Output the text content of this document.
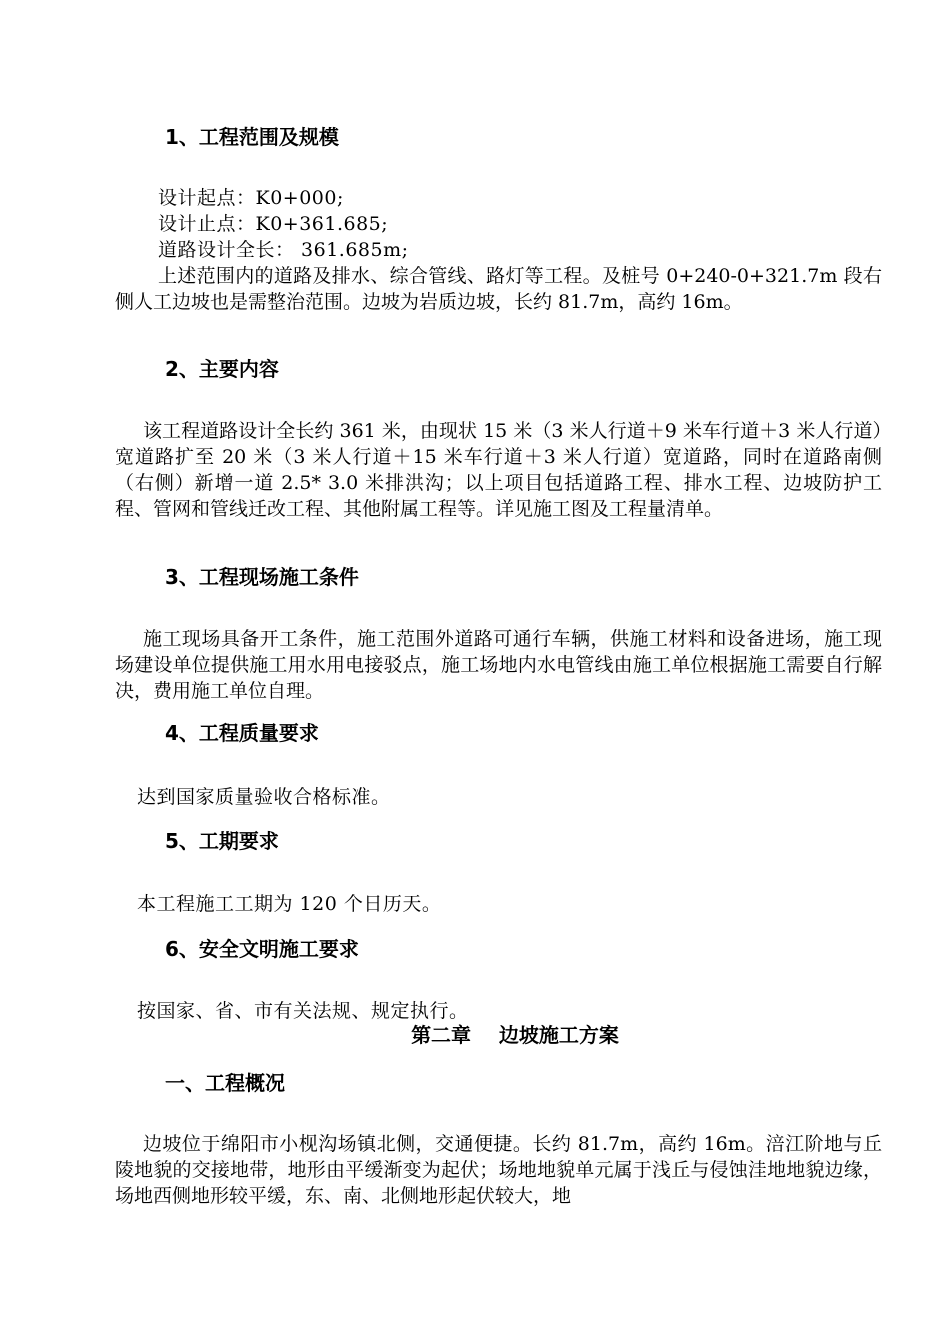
1、工程范围及规模
设计起点：K0+000;
设计止点：K0+361.685;
道路设计全长： 361.685m;
上述范围内的道路及排水、综合管线、路灯等工程。及桩号 0+240-0+321.7m 段右侧人工边坡也是需整治范围。边坡为岩质边坡，长约 81.7m，高约 16m。
2、主要内容
该工程道路设计全长约 361 米，由现状 15 米（3 米人行道＋9 米车行道＋3 米人行道）宽道路扩至 20 米（3 米人行道＋15 米车行道＋3 米人行道）宽道路，同时在道路南侧（右侧）新增一道 2.5* 3.0 米排洪沟；以上项目包括道路工程、排水工程、边坡防护工程、管网和管线迁改工程、其他附属工程等。详见施工图及工程量清单。
3、工程现场施工条件
施工现场具备开工条件，施工范围外道路可通行车辆，供施工材料和设备进场，施工现场建设单位提供施工用水用电接驳点，施工场地内水电管线由施工单位根据施工需要自行解决，费用施工单位自理。
4、工程质量要求
达到国家质量验收合格标准。
5、工期要求
本工程施工工期为 120 个日历天。
6、安全文明施工要求
按国家、省、市有关法规、规定执行。
第二章    边坡施工方案
一、工程概况
边坡位于绵阳市小枧沟场镇北侧，交通便捷。长约 81.7m，高约 16m。涪江阶地与丘陵地貌的交接地带，地形由平缓渐变为起伏；场地地貌单元属于浅丘与侵蚀洼地地貌边缘，场地西侧地形较平缓，东、南、北侧地形起伏较大，地
